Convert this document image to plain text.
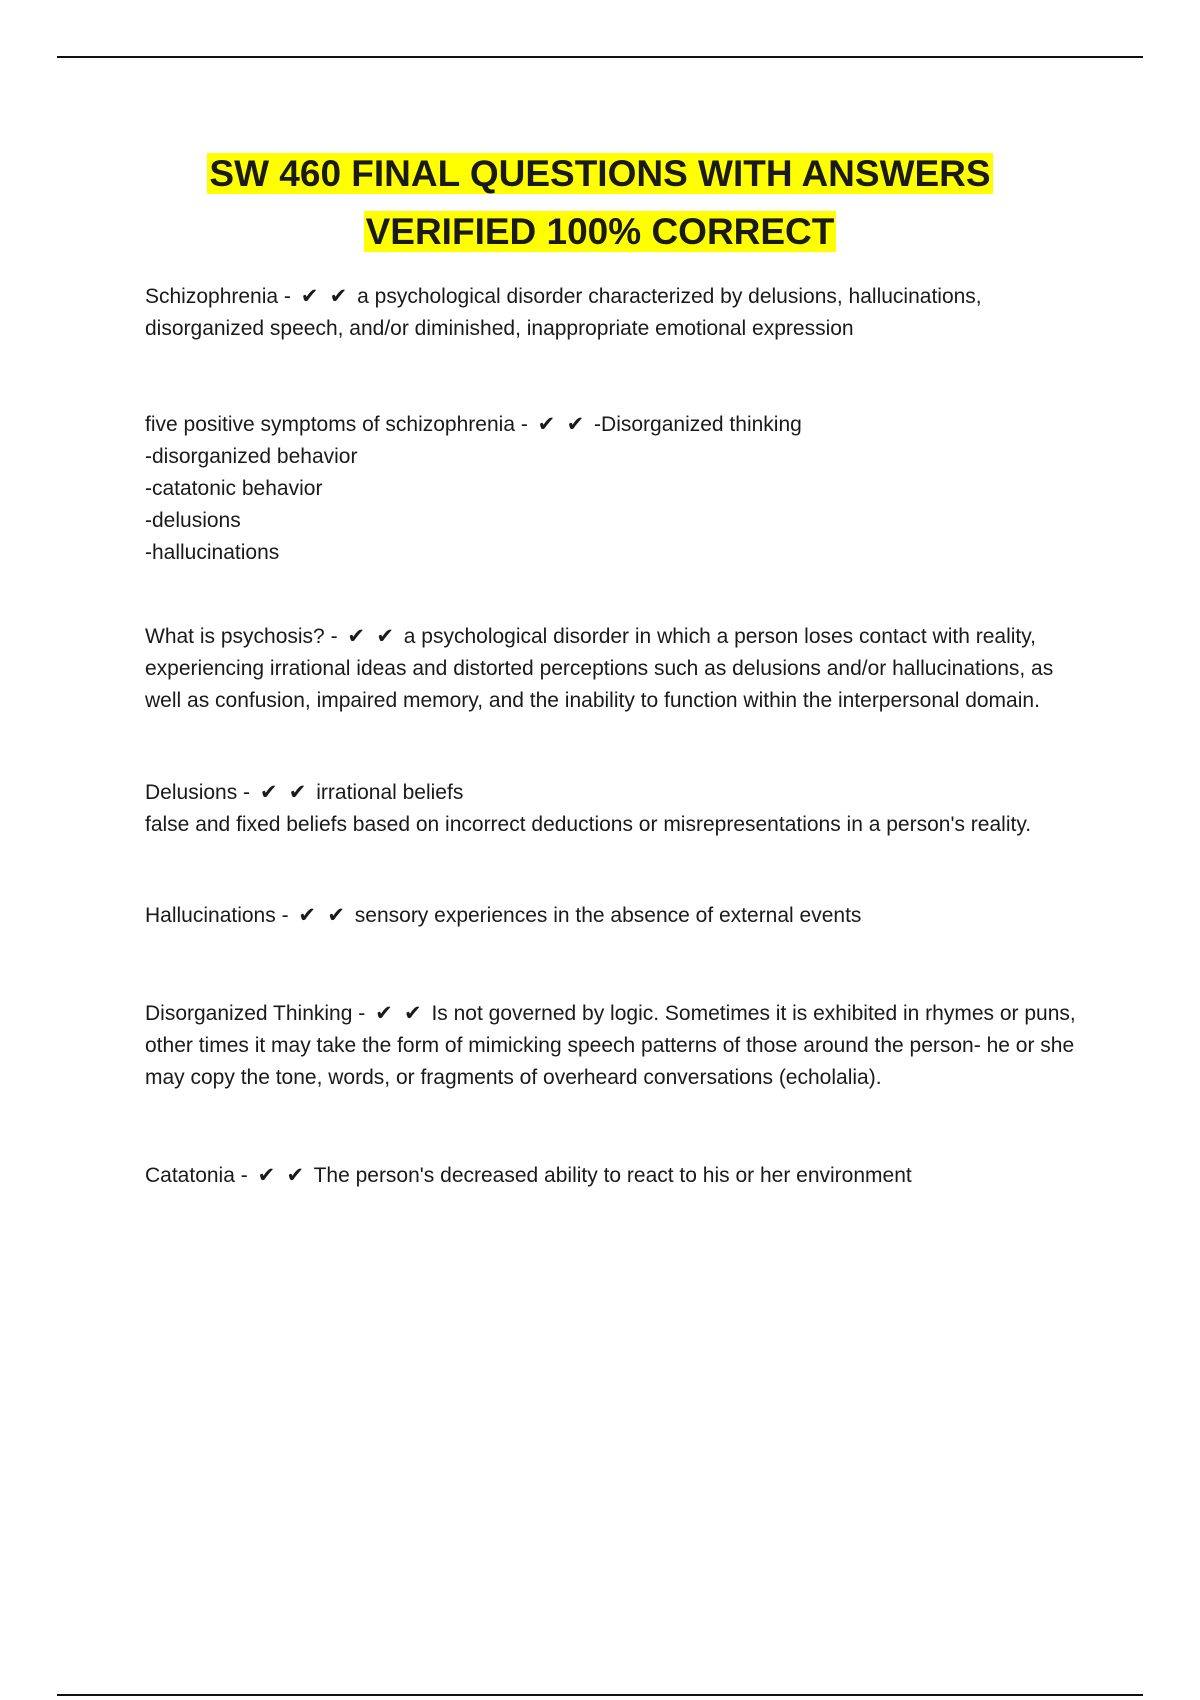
SW 460 FINAL QUESTIONS WITH ANSWERS
VERIFIED 100% CORRECT

Schizophrenia - ✔ ✔ a psychological disorder characterized by delusions, hallucinations, disorganized speech, and/or diminished, inappropriate emotional expression

five positive symptoms of schizophrenia - ✔ ✔ -Disorganized thinking

-disorganized behavior

-catatonic behavior

-delusions

-hallucinations

What is psychosis? - ✔ ✔ a psychological disorder in which a person loses contact with reality, experiencing irrational ideas and distorted perceptions such as delusions and/or hallucinations, as well as confusion, impaired memory, and the inability to function within the interpersonal domain.

Delusions - ✔ ✔ irrational beliefs

false and fixed beliefs based on incorrect deductions or misrepresentations in a person's reality.

Hallucinations - ✔ ✔ sensory experiences in the absence of external events

Disorganized Thinking - ✔ ✔ Is not governed by logic. Sometimes it is exhibited in rhymes or puns, other times it may take the form of mimicking speech patterns of those around the person- he or she may copy the tone, words, or fragments of overheard conversations (echolalia).

Catatonia - ✔ ✔ The person's decreased ability to react to his or her environment
